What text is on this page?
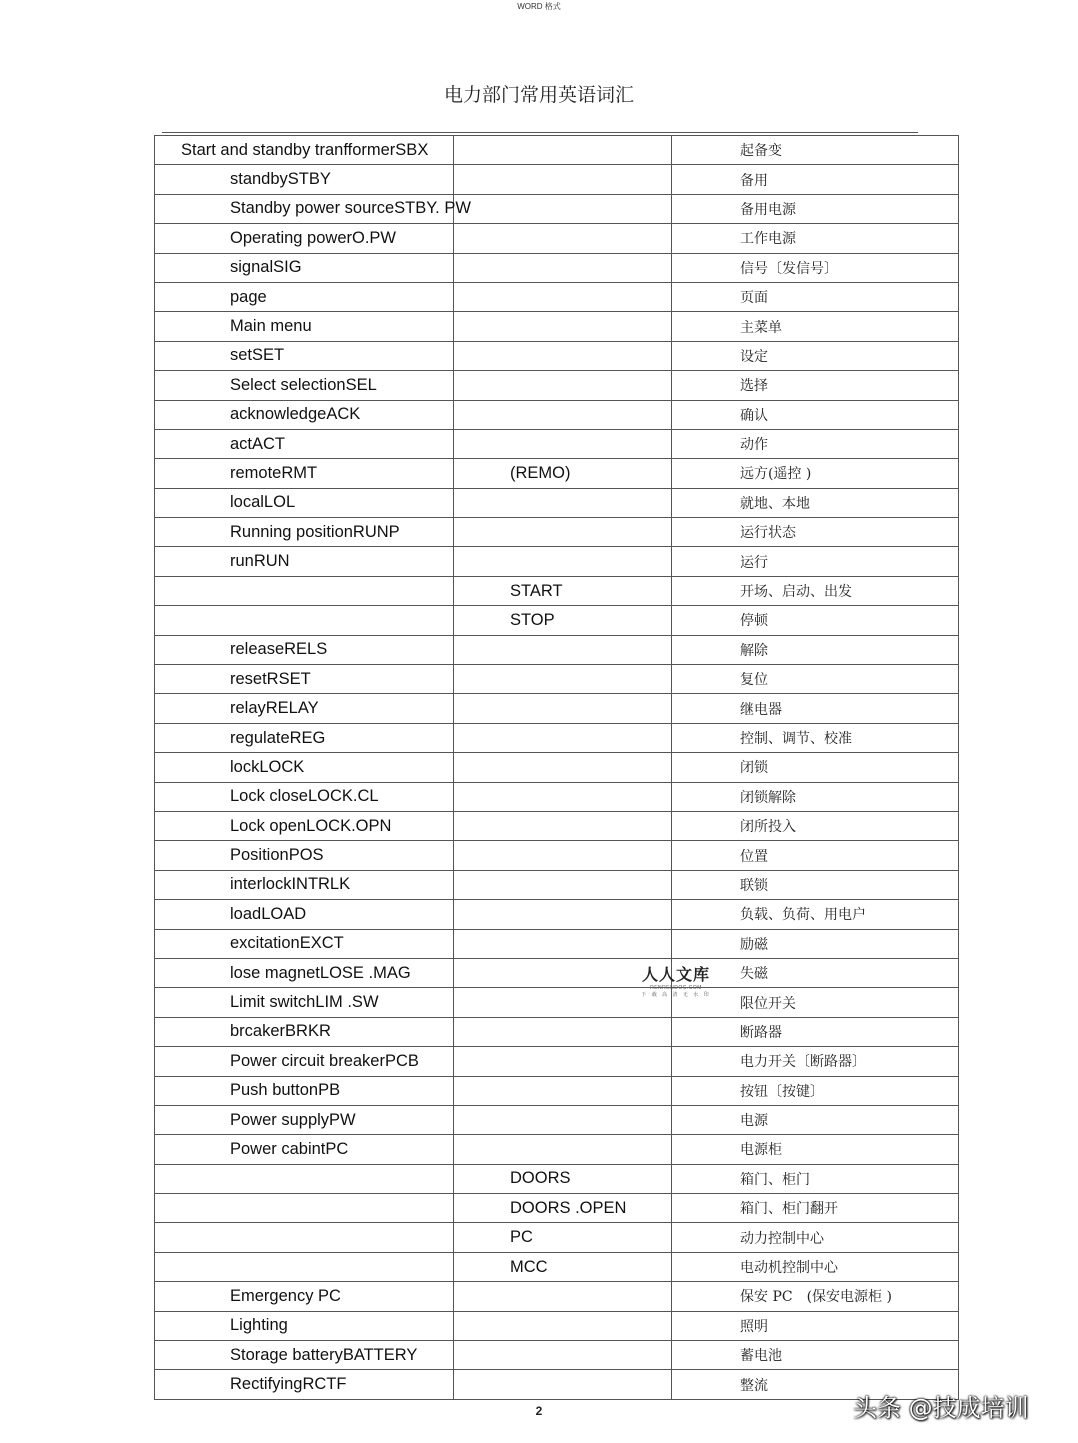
WORD 格式
电力部门常用英语词汇
Start and standby tranfformerSBX		起备变
standbySTBY		备用
Standby power sourceSTBY. PW		备用电源
Operating powerO.PW		工作电源
signalSIG		信号〔发信号〕
page		页面
Main menu		主菜单
setSET		设定
Select selectionSEL		选择
acknowledgeACK		确认
actACT		动作
remoteRMT	(REMO)	远方(遥控 )
localLOL		就地、本地
Running positionRUNP		运行状态
runRUN		运行
	START	开场、启动、出发
	STOP	停顿
releaseRELS		解除
resetRSET		复位
relayRELAY		继电器
regulateREG		控制、调节、校准
lockLOCK		闭锁
Lock closeLOCK.CL		闭锁解除
Lock openLOCK.OPN		闭所投入
PositionPOS		位置
interlockINTRLK		联锁
loadLOAD		负载、负荷、用电户
excitationEXCT		励磁
lose magnetLOSE .MAG		失磁
Limit switchLIM .SW		限位开关
brcakerBRKR		断路器
Power circuit breakerPCB		电力开关〔断路器〕
Push buttonPB		按钮〔按键〕
Power supplyPW		电源
Power cabintPC		电源柜
	DOORS	箱门、柜门
	DOORS .OPEN	箱门、柜门翻开
	PC	动力控制中心
	MCC	电动机控制中心
Emergency PC		保安 PC　(保安电源柜 )
Lighting		照明
Storage batteryBATTERY		蓄电池
RectifyingRCTF		整流
人人文库
RENRENDOC.COM
下 载 高 清 无 水 印
2	头条 @技成培训
